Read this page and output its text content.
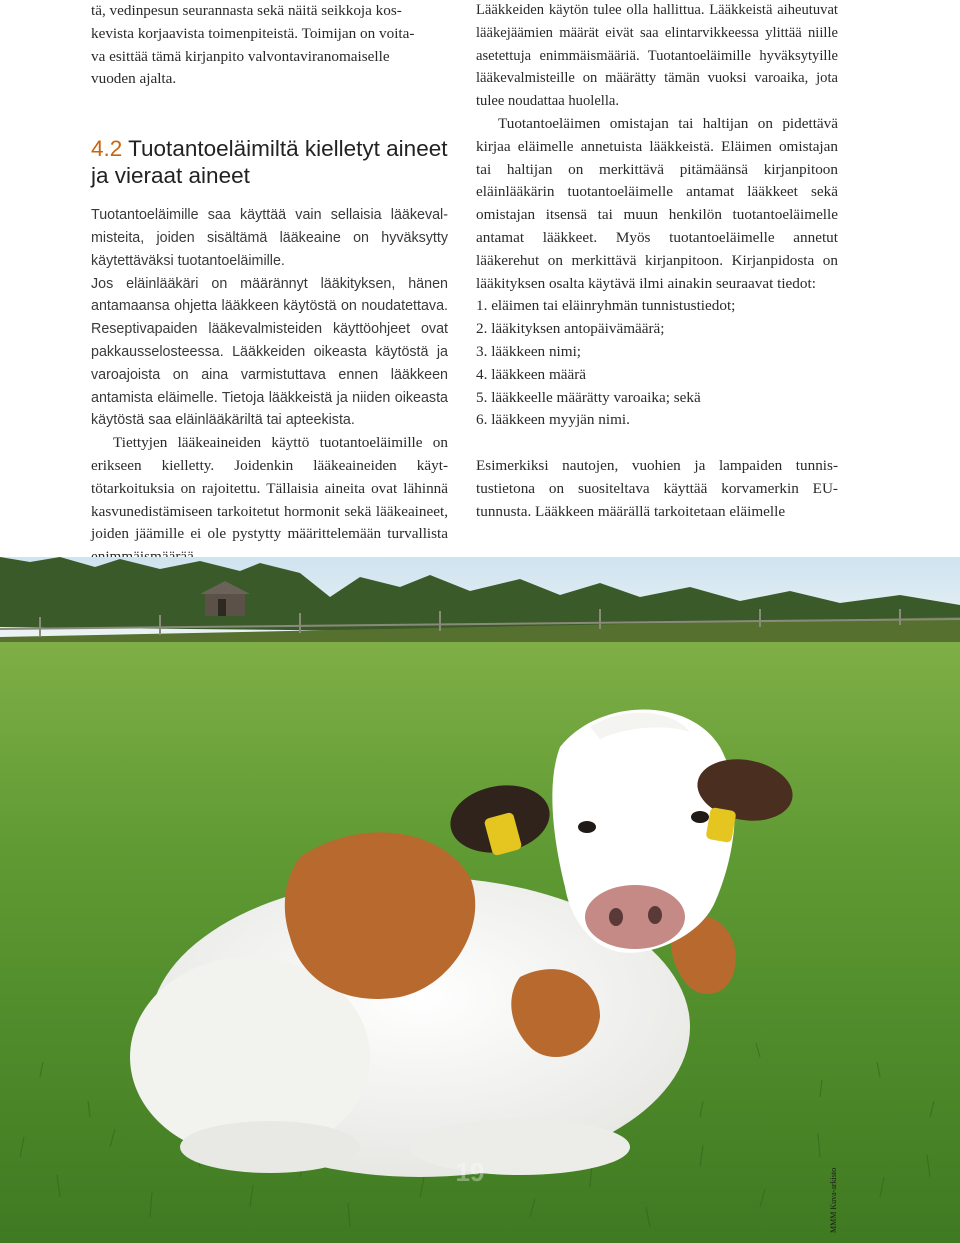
tä, vedinpesun seurannasta sekä näitä seikkoja kos-
kevista korjaavista toimenpiteistä. Toimijan on voita-
va esittää tämä kirjanpito valvontaviranomaiselle
vuoden ajalta.
4.2 Tuotantoeläimiltä kielletyt aineet ja vieraat aineet

Tuotantoeläimille saa käyttää vain sellaisia lääkevalmisteita, joiden sisältämä lääkeaine on hyväksytty käytettäväksi tuotantoeläimille.

Jos eläinlääkäri on määrännyt lääkityksen, hänen antamaansa ohjetta lääkkeen käytöstä on noudatettava. Reseptivapaiden lääkevalmisteiden käyttöohjeet ovat pakkausselosteessa. Lääkkeiden oikeasta käytöstä ja varoajoista on aina varmistuttava ennen lääkkeen antamista eläimelle. Tietoja lääkkeistä ja niiden oikeasta käytöstä saa eläinlääkäriltä tai apteekista.

Tiettyjen lääkeaineiden käyttö tuotantoeläimille on erikseen kielletty. Joidenkin lääkeaineiden käyttötarkoituksia on rajoitettu. Tällaisia aineita ovat lähinnä kasvunedistämiseen tarkoitetut hormonit sekä lääkeaineet, joiden jäämille ei ole pystytty määrittelemään turvallista

Lääkkeiden käytön tulee olla hallittua. Lääkkeistä aiheutuvat lääkejäämien määrät eivät saa elintarvikkeessa ylittää niille asetettuja enimmäismääriä. Tuotantoeläimille hyväksytyille lääkevalmisteille on määrätty tämän vuoksi varoaika, jota tulee noudattaa huolella.

Tuotantoeläimen omistajan tai haltijan on pidettävä kirjaa eläimelle annetuista lääkkeistä. Eläimen omistajan tai haltijan on merkittävä pitämäänsä kirjanpitoon eläinlääkärin tuotantoeläimelle antamat lääkkeet sekä omistajan itsensä tai muun henkilön tuotantoeläimelle antamat lääkkeet. Myös tuotantoeläimelle annetut lääkerehut on merkittävä kirjanpitoon. Kirjanpidosta on lääkityksen osalta käytävä ilmi ainakin seuraavat tiedot:

1. eläimen tai eläinryhmän tunnistustiedot;
2. lääkityksen antopäivämäärä;
3. lääkkeen nimi;
4. lääkkeen määrä
5. lääkkeelle määrätty varoaika; sekä
6. lääkkeen myyjän nimi.

Esimerkiksi nautojen, vuohien ja lampaiden tunnistustietona on suositeltava käyttää korvamerkin EU-tunnusta. Lääkkeen määrällä tarkoitetaan eläimelle

MMM Kuva-arkisto
19
